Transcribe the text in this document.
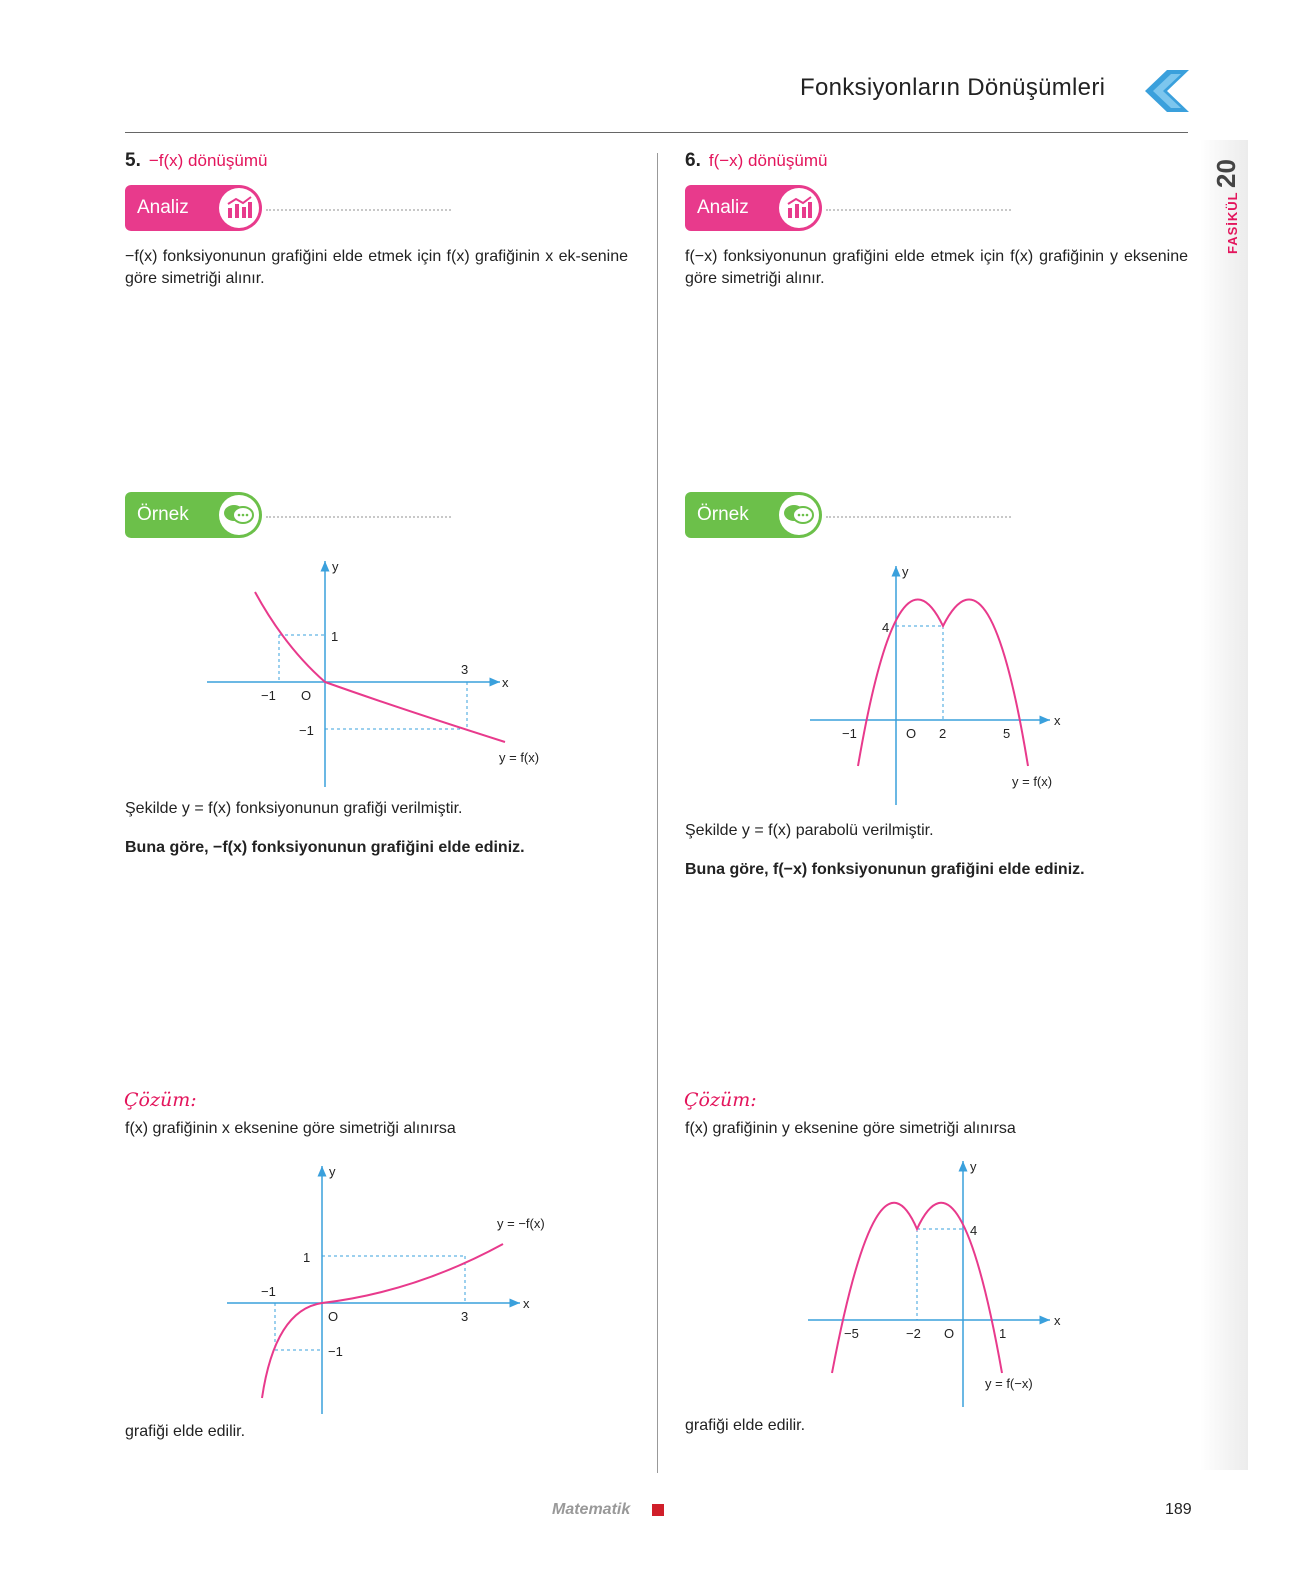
Fonksiyonların Dönüşümleri
20
FASİKÜL
5. −f(x) dönüşümü
Analiz
−f(x) fonksiyonunun grafiğini elde etmek için f(x) grafiğinin x ek-senine göre simetriği alınır.
Örnek
y
x
1
3
−1 O
−1
y = f(x)
Şekilde y = f(x) fonksiyonunun grafiği verilmiştir.
Buna göre, −f(x) fonksiyonunun grafiğini elde ediniz.
Çözüm:
f(x) grafiğinin x eksenine göre simetriği alınırsa
y
x
1
−1
O	3
−1
y = −f(x)
grafiği elde edilir.
6. f(−x) dönüşümü
Analiz
f(−x) fonksiyonunun grafiğini elde etmek için f(x) grafiğinin y eksenine göre simetriği alınır.
Örnek
y
x
4
−1	O 2	5
y = f(x)
Şekilde y = f(x) parabolü verilmiştir.
Buna göre, f(−x) fonksiyonunun grafiğini elde ediniz.
Çözüm:
f(x) grafiğinin y eksenine göre simetriği alınırsa
y
x
4
−5	−2 O	1
y = f(−x)
grafiği elde edilir.
Matematik	189
